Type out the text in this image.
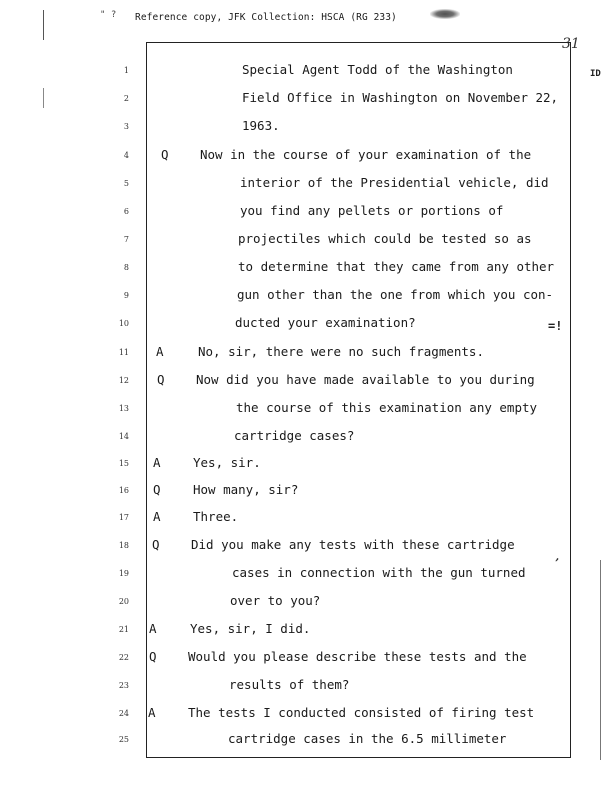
" ? Reference copy, JFK Collection: HSCA (RG 233)
31
ID
1	Special Agent Todd of the Washington
2	Field Office in Washington on November 22,
3	1963.
4	Q	Now in the course of your examination of the
5	interior of the Presidential vehicle, did
6	you find any pellets or portions of
7	projectiles which could be tested so as
8	to determine that they came from any other
9	gun other than the one from which you con-
10	ducted your examination?
11 A	No, sir, there were no such fragments.
12 Q	Now did you have made available to you during
13	the course of this examination any empty
14	cartridge cases?
15 A	Yes, sir.
16 Q	How many, sir?
17 A	Three.
18 Q	Did you make any tests with these cartridge
19	cases in connection with the gun turned
20	over to you?
21 A	Yes, sir, I did.
22 Q	Would you please describe these tests and the
23	results of them?
24 A	The tests I conducted consisted of firing test
25	cartridge cases in the 6.5 millimeter
=!
’
